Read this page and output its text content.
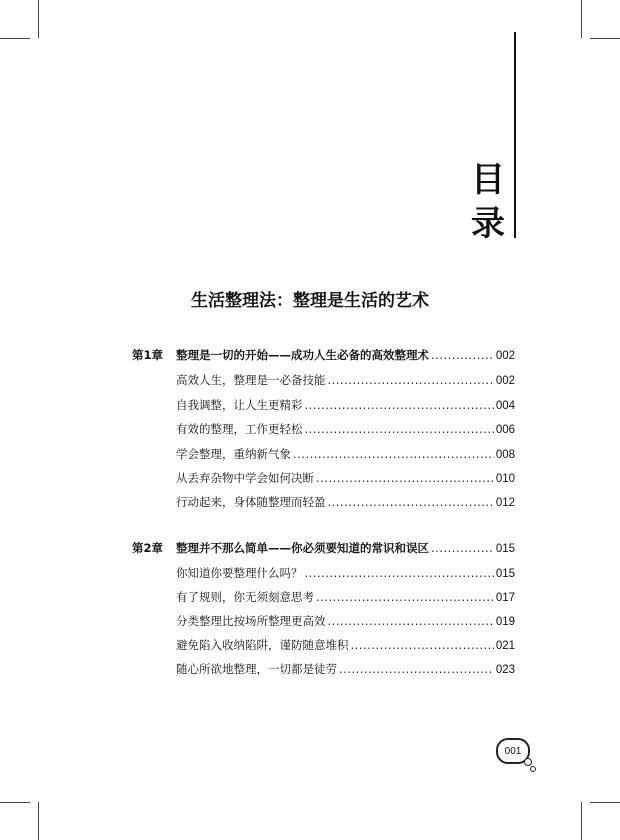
目
录
生活整理法：整理是生活的艺术
第1章	整理是一切的开始——成功人生必备的高效整理术 .....	002
高效人生，整理是一必备技能 .....	002
自我调整，让人生更精彩 .....	004
有效的整理，工作更轻松 .....	006
学会整理，重纳新气象 .....	008
从丢弃杂物中学会如何决断 .....	010
行动起来，身体随整理而轻盈 .....	012
第2章	整理并不那么简单——你必须要知道的常识和误区 .....	015
你知道你要整理什么吗？ .....	015
有了规则，你无须刻意思考 .....	017
分类整理比按场所整理更高效 .....	019
避免陷入收纳陷阱，谨防随意堆积 .....	021
随心所欲地整理，一切都是徒劳 .....	023
001
